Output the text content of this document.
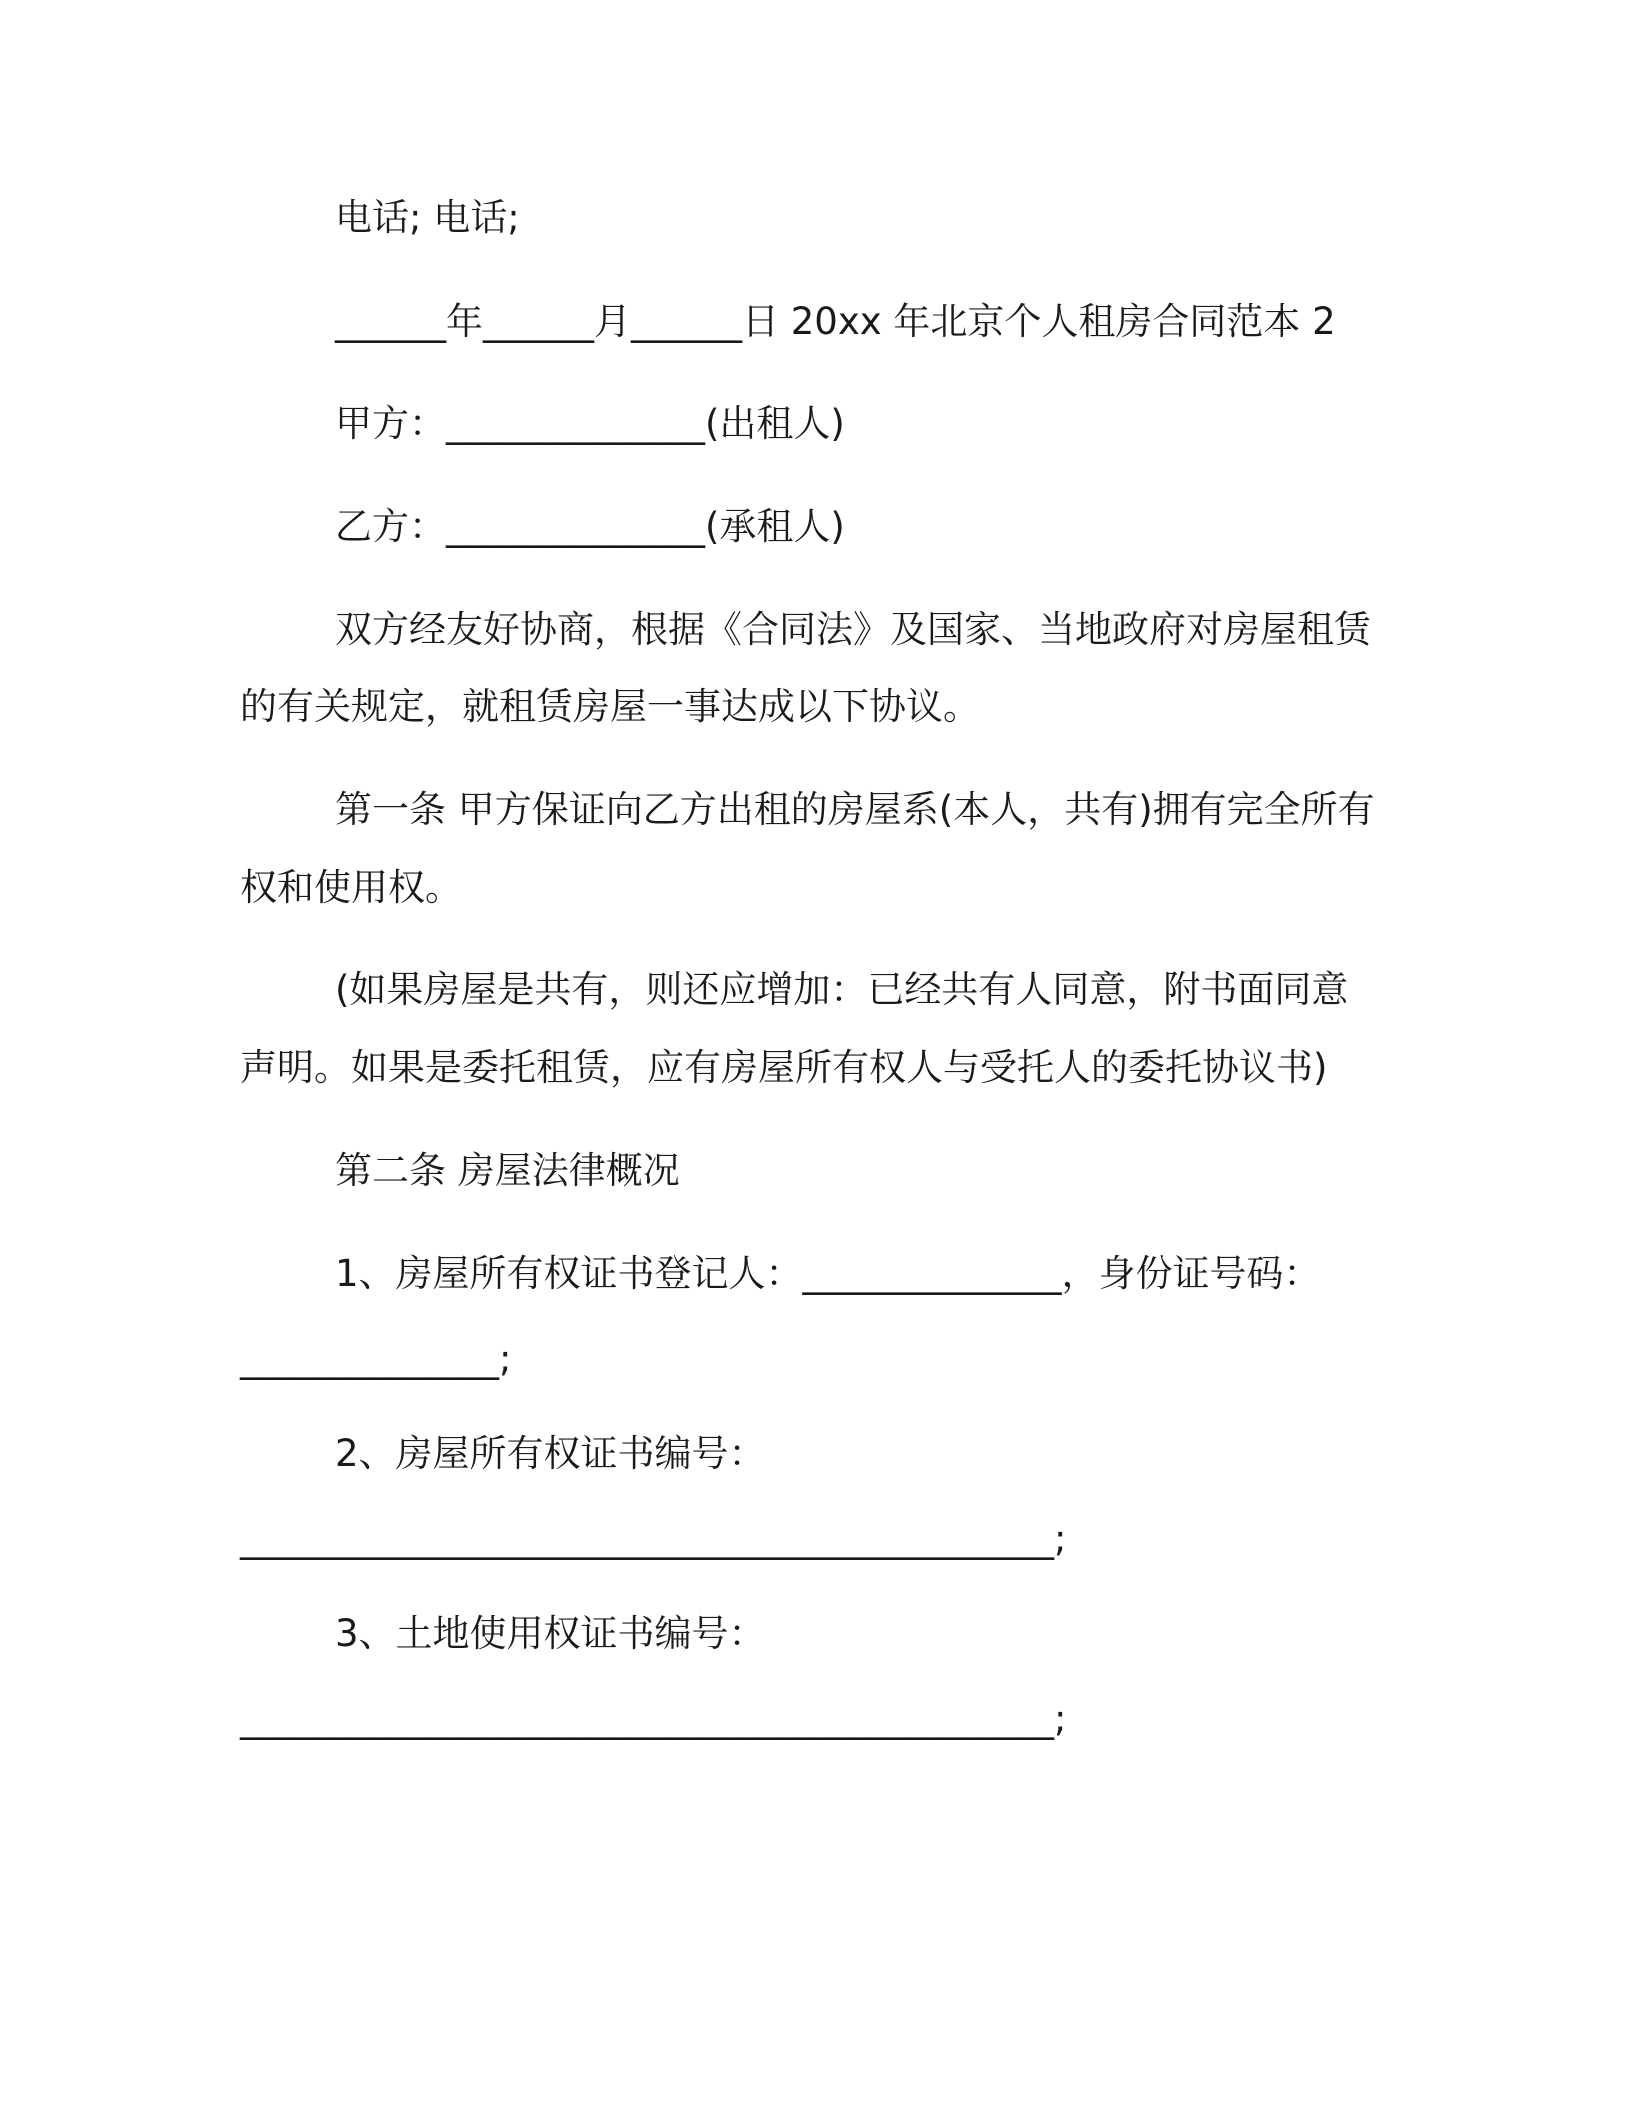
电话; 电话;
______年______月______日 20xx 年北京个人租房合同范本 2
甲方：______________(出租人)
乙方：______________(承租人)
双方经友好协商，根据《合同法》及国家、当地政府对房屋租赁
的有关规定，就租赁房屋一事达成以下协议。
第一条 甲方保证向乙方出租的房屋系(本人，共有)拥有完全所有
权和使用权。
(如果房屋是共有，则还应增加：已经共有人同意，附书面同意
声明。如果是委托租赁，应有房屋所有权人与受托人的委托协议书)
第二条 房屋法律概况
1、房屋所有权证书登记人：______________，身份证号码：
______________;
2、房屋所有权证书编号：
____________________________________________;
3、土地使用权证书编号：
____________________________________________;
